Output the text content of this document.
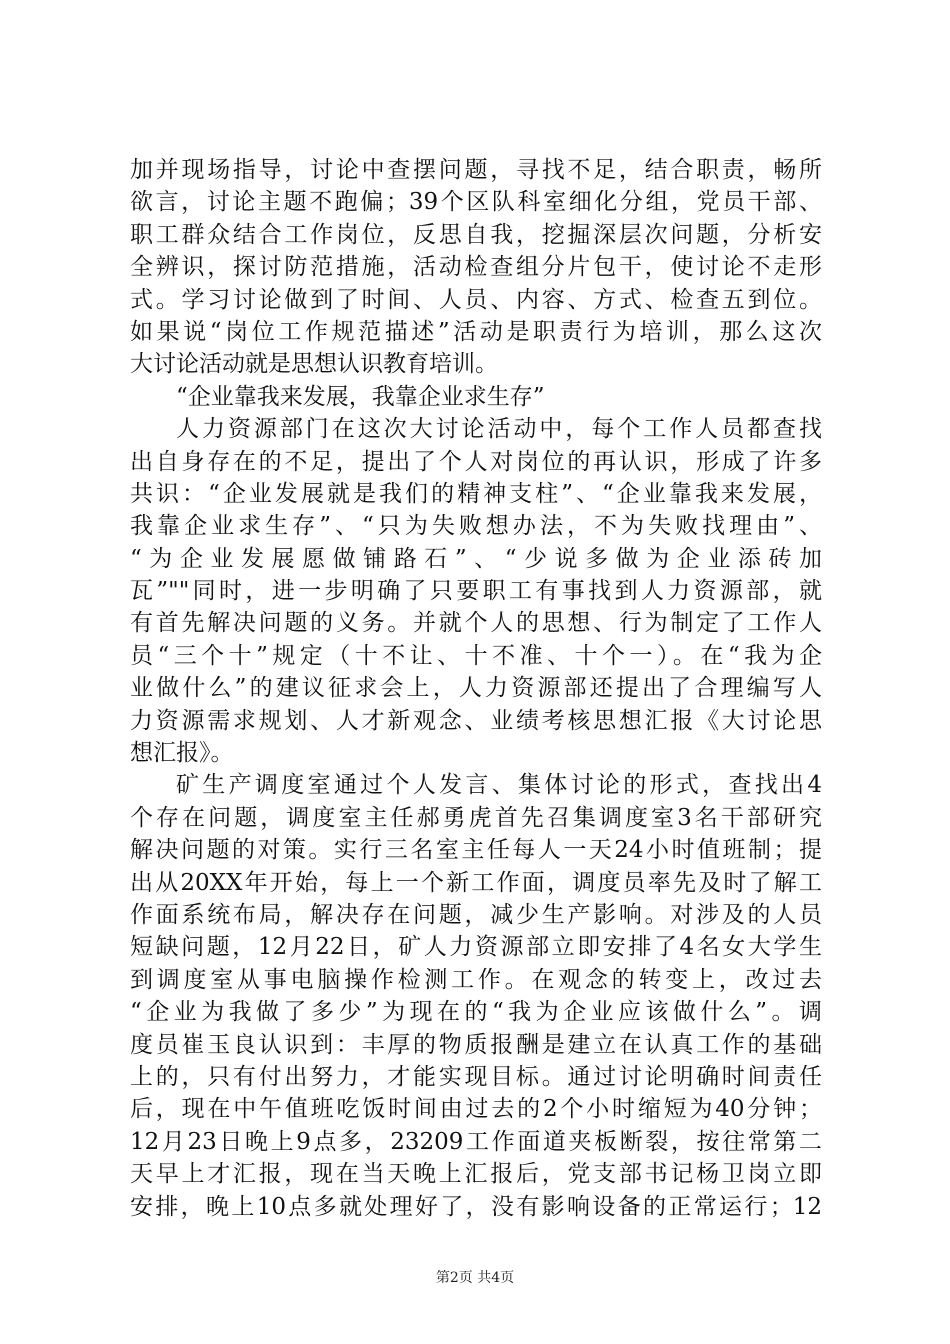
加并现场指导，讨论中查摆问题，寻找不足，结合职责，畅所
欲言，讨论主题不跑偏；39个区队科室细化分组，党员干部、
职工群众结合工作岗位，反思自我，挖掘深层次问题，分析安
全辨识，探讨防范措施，活动检查组分片包干，使讨论不走形
式。学习讨论做到了时间、人员、内容、方式、检查五到位。
如果说“岗位工作规范描述”活动是职责行为培训，那么这次
大讨论活动就是思想认识教育培训。
“企业靠我来发展，我靠企业求生存”
人力资源部门在这次大讨论活动中，每个工作人员都查找
出自身存在的不足，提出了个人对岗位的再认识，形成了许多
共识：“企业发展就是我们的精神支柱”、“企业靠我来发展，
我靠企业求生存”、“只为失败想办法，不为失败找理由”、
“为企业发展愿做铺路石”、“少说多做为企业添砖加
瓦”""同时，进一步明确了只要职工有事找到人力资源部，就
有首先解决问题的义务。并就个人的思想、行为制定了工作人
员“三个十”规定（十不让、十不准、十个一）。在“我为企
业做什么”的建议征求会上，人力资源部还提出了合理编写人
力资源需求规划、人才新观念、业绩考核思想汇报《大讨论思
想汇报》。
矿生产调度室通过个人发言、集体讨论的形式，查找出4
个存在问题，调度室主任郝勇虎首先召集调度室3名干部研究
解决问题的对策。实行三名室主任每人一天24小时值班制；提
出从20XX年开始，每上一个新工作面，调度员率先及时了解工
作面系统布局，解决存在问题，减少生产影响。对涉及的人员
短缺问题，12月22日，矿人力资源部立即安排了4名女大学生
到调度室从事电脑操作检测工作。在观念的转变上，改过去
“企业为我做了多少”为现在的“我为企业应该做什么”。调
度员崔玉良认识到：丰厚的物质报酬是建立在认真工作的基础
上的，只有付出努力，才能实现目标。通过讨论明确时间责任
后，现在中午值班吃饭时间由过去的2个小时缩短为40分钟；
12月23日晚上9点多，23209工作面道夹板断裂，按往常第二
天早上才汇报，现在当天晚上汇报后，党支部书记杨卫岗立即
安排，晚上10点多就处理好了，没有影响设备的正常运行；12
第2页 共4页
